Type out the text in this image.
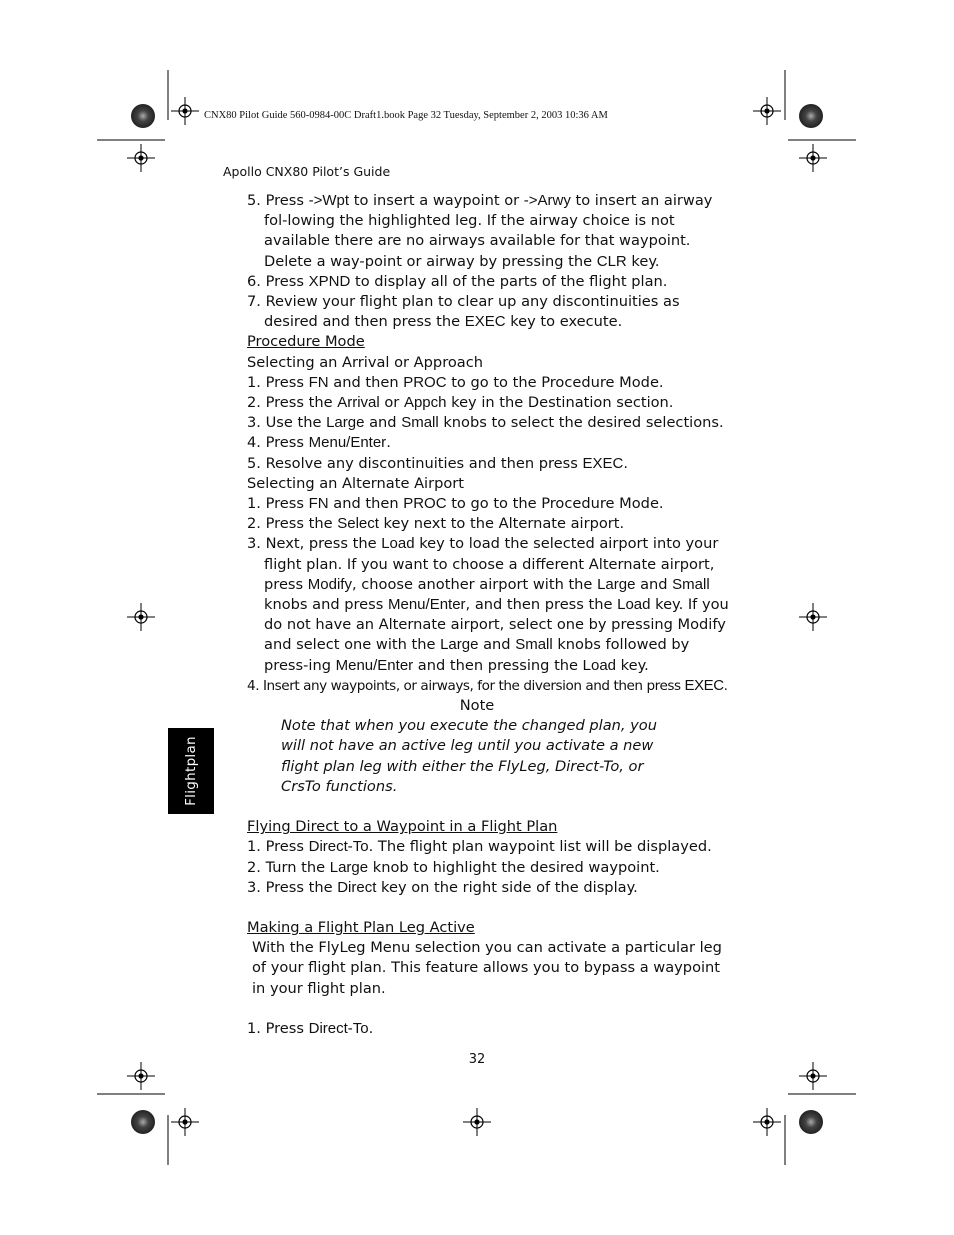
CNX80 Pilot Guide 560-0984-00C Draft1.book Page 32 Tuesday, September 2, 2003 10:36 AM
Apollo CNX80 Pilot’s Guide

5. Press ->Wpt to insert a waypoint or ->Arwy to insert an airway fol-lowing the highlighted leg. If the airway choice is not available there are no airways available for that waypoint. Delete a way-point or airway by pressing the CLR key.

6. Press XPND to display all of the parts of the flight plan.

7. Review your flight plan to clear up any discontinuities as desired and then press the EXEC key to execute.

Procedure Mode

Selecting an Arrival or Approach

1. Press FN and then PROC to go to the Procedure Mode.

2. Press the Arrival or Appch key in the Destination section.

3. Use the Large and Small knobs to select the desired selections.

4. Press Menu/Enter.

5. Resolve any discontinuities and then press EXEC.

Selecting an Alternate Airport

1. Press FN and then PROC to go to the Procedure Mode.

2. Press the Select key next to the Alternate airport.

3. Next, press the Load key to load the selected airport into your flight plan. If you want to choose a different Alternate airport, press Modify, choose another airport with the Large and Small knobs and press Menu/Enter, and then press the Load key. If you do not have an Alternate airport, select one by pressing Modify and select one with the Large and Small knobs followed by press-ing Menu/Enter and then pressing the Load key.

4. Insert any waypoints, or airways, for the diversion and then press EXEC.

Note

Note that when you execute the changed plan, you will not have an active leg until you activate a new flight plan leg with either the FlyLeg, Direct-To, or CrsTo functions.

Flying Direct to a Waypoint in a Flight Plan

1. Press Direct-To. The flight plan waypoint list will be displayed.

2. Turn the Large knob to highlight the desired waypoint.

3. Press the Direct key on the right side of the display.

Making a Flight Plan Leg Active

With the FlyLeg Menu selection you can activate a particular leg of your flight plan. This feature allows you to bypass a waypoint in your flight plan.

1. Press Direct-To.

Flightplan
32
